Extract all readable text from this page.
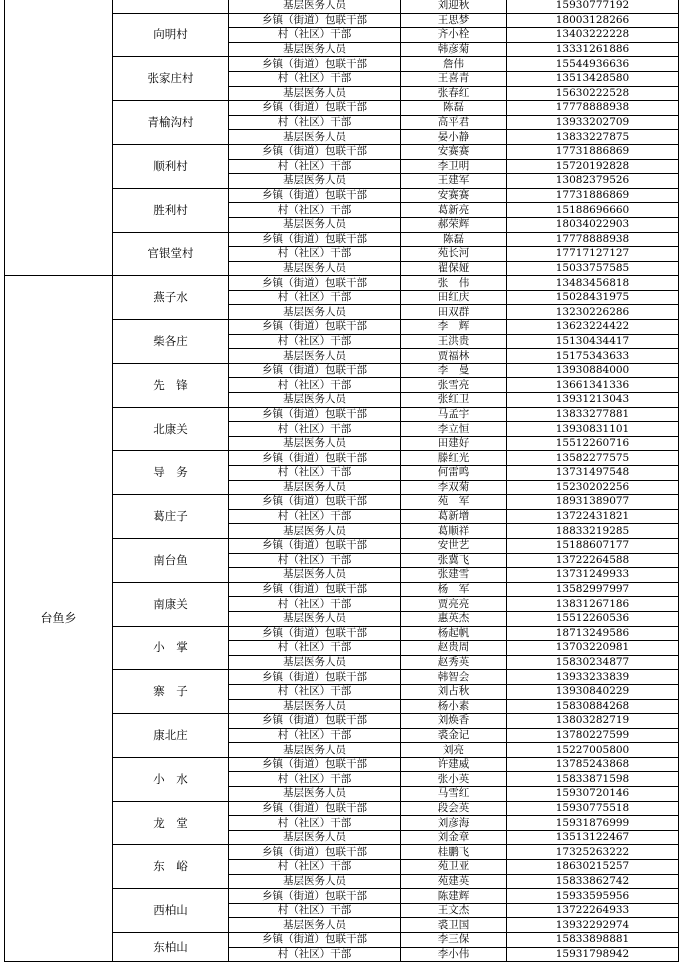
		基层医务人员	刘迎秋	15930777192
	向明村	乡镇（街道）包联干部	王思梦	18003128266
		村（社区）干部	齐小栓	13403222228
		基层医务人员	韩彦菊	13331261886
	张家庄村	乡镇（街道）包联干部	詹伟	15544936636
		村（社区）干部	王喜青	13513428580
		基层医务人员	张春红	15630222528
	青榆沟村	乡镇（街道）包联干部	陈磊	17778888938
		村（社区）干部	高平君	13933202709
		基层医务人员	晏小静	13833227875
	顺利村	乡镇（街道）包联干部	安赛赛	17731886869
		村（社区）干部	李卫明	15720192828
		基层医务人员	王建军	13082379526
	胜利村	乡镇（街道）包联干部	安赛赛	17731886869
		村（社区）干部	葛新亮	15188696660
		基层医务人员	郝荣辉	18034022903
	官银堂村	乡镇（街道）包联干部	陈磊	17778888938
		村（社区）干部	苑长河	17717127127
		基层医务人员	翟保娅	15033757585
台鱼乡	燕子水	乡镇（街道）包联干部	张　伟	13483456818
		村（社区）干部	田红庆	15028431975
		基层医务人员	田双群	13230226286
	柴各庄	乡镇（街道）包联干部	李　辉	13623224422
		村（社区）干部	王洪贵	15130434417
		基层医务人员	贾福林	15175343633
	先　锋	乡镇（街道）包联干部	李　曼	13930884000
		村（社区）干部	张雪亮	13661341336
		基层医务人员	张红卫	13931213043
	北康关	乡镇（街道）包联干部	马孟宇	13833277881
		村（社区）干部	李立恒	13930831101
		基层医务人员	田建好	15512260716
	导　务	乡镇（街道）包联干部	滕红光	13582277575
		村（社区）干部	何雷鸣	13731497548
		基层医务人员	李双菊	15230202256
	葛庄子	乡镇（街道）包联干部	苑　军	18931389077
		村（社区）干部	葛新增	13722431821
		基层医务人员	葛顺祥	18833219285
	南台鱼	乡镇（街道）包联干部	安世艺	15188607177
		村（社区）干部	张冀飞	13722264588
		基层医务人员	张建雪	13731249933
	南康关	乡镇（街道）包联干部	杨　军	13582997997
		村（社区）干部	贾亮亮	13831267186
		基层医务人员	惠英杰	15512260536
	小　掌	乡镇（街道）包联干部	杨起帆	18713249586
		村（社区）干部	赵贵周	13703220981
		基层医务人员	赵秀英	15830234877
	寨　子	乡镇（街道）包联干部	韩智会	13933233839
		村（社区）干部	刘占秋	13930840229
		基层医务人员	杨小素	15830884268
	康北庄	乡镇（街道）包联干部	刘焕香	13803282719
		村（社区）干部	裘金记	13780227599
		基层医务人员	刘亮	15227005800
	小　水	乡镇（街道）包联干部	许建威	13785243868
		村（社区）干部	张小英	15833871598
		基层医务人员	马雪红	15930720146
	龙　堂	乡镇（街道）包联干部	段会英	15930775518
		村（社区）干部	刘彦海	15931876999
		基层医务人员	刘金章	13513122467
	东　峪	乡镇（街道）包联干部	桂鹏飞	17325263222
		村（社区）干部	苑卫亚	18630215257
		基层医务人员	苑建英	15833862742
	西柏山	乡镇（街道）包联干部	陈建辉	15933595956
		村（社区）干部	王文杰	13722264933
		基层医务人员	裘卫国	13932292974
	东柏山	乡镇（街道）包联干部	李三保	15833898881
		村（社区）干部	李小伟	15931798942
